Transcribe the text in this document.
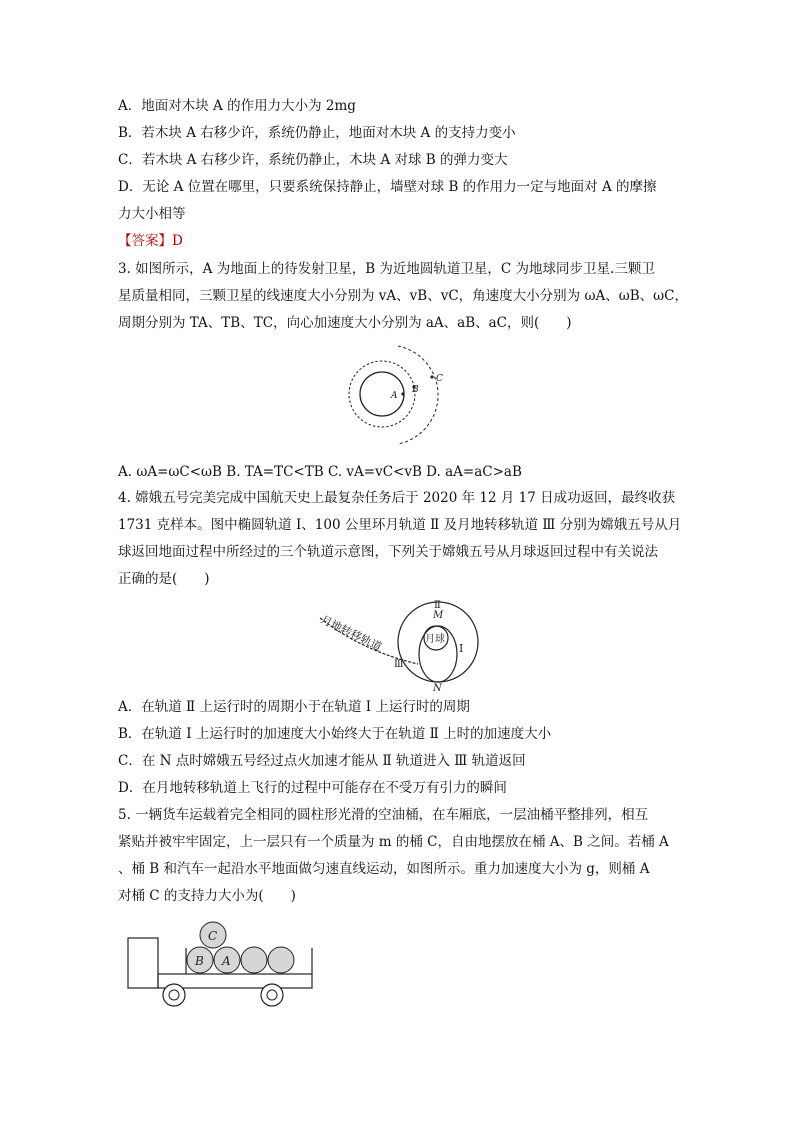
A．地面对木块 A 的作用力大小为 2mg
B．若木块 A 右移少许，系统仍静止，地面对木块 A 的支持力变小
C．若木块 A 右移少许，系统仍静止，木块 A 对球 B 的弹力变大
D．无论 A 位置在哪里，只要系统保持静止，墙壁对球 B 的作用力一定与地面对 A 的摩擦
力大小相等
【答案】D
3. 如图所示，A 为地面上的待发射卫星，B 为近地圆轨道卫星，C 为地球同步卫星.三颗卫
星质量相同，三颗卫星的线速度大小分别为 vA、vB、vC，角速度大小分别为 ωA、ωB、ωC，
周期分别为 TA、TB、TC，向心加速度大小分别为 aA、aB、aC，则(　　)
A
B
C
A. ωA=ωC<ωB B. TA=TC<TB C. vA=vC<vB D. aA=aC>aB
4. 嫦娥五号完美完成中国航天史上最复杂任务后于 2020 年 12 月 17 日成功返回，最终收获
1731 克样本。图中椭圆轨道 Ⅰ、100 公里环月轨道 Ⅱ 及月地转移轨道 Ⅲ 分别为嫦娥五号从月
球返回地面过程中所经过的三个轨道示意图，下列关于嫦娥五号从月球返回过程中有关说法
正确的是(　　)
月地转移轨道	月球
Ⅰ
Ⅱ
Ⅲ
M
N
A．在轨道 Ⅱ 上运行时的周期小于在轨道 Ⅰ 上运行时的周期
B．在轨道 Ⅰ 上运行时的加速度大小始终大于在轨道 Ⅱ 上时的加速度大小
C．在 N 点时嫦娥五号经过点火加速才能从 Ⅱ 轨道进入 Ⅲ 轨道返回
D．在月地转移轨道上飞行的过程中可能存在不受万有引力的瞬间
5. 一辆货车运载着完全相同的圆柱形光滑的空油桶，在车厢底，一层油桶平整排列，相互
紧贴并被牢牢固定，上一层只有一个质量为 m 的桶 C，自由地摆放在桶 A、B 之间。若桶 A
、桶 B 和汽车一起沿水平地面做匀速直线运动，如图所示。重力加速度大小为 g，则桶 A
对桶 C 的支持力大小为(　　)
C
B A
